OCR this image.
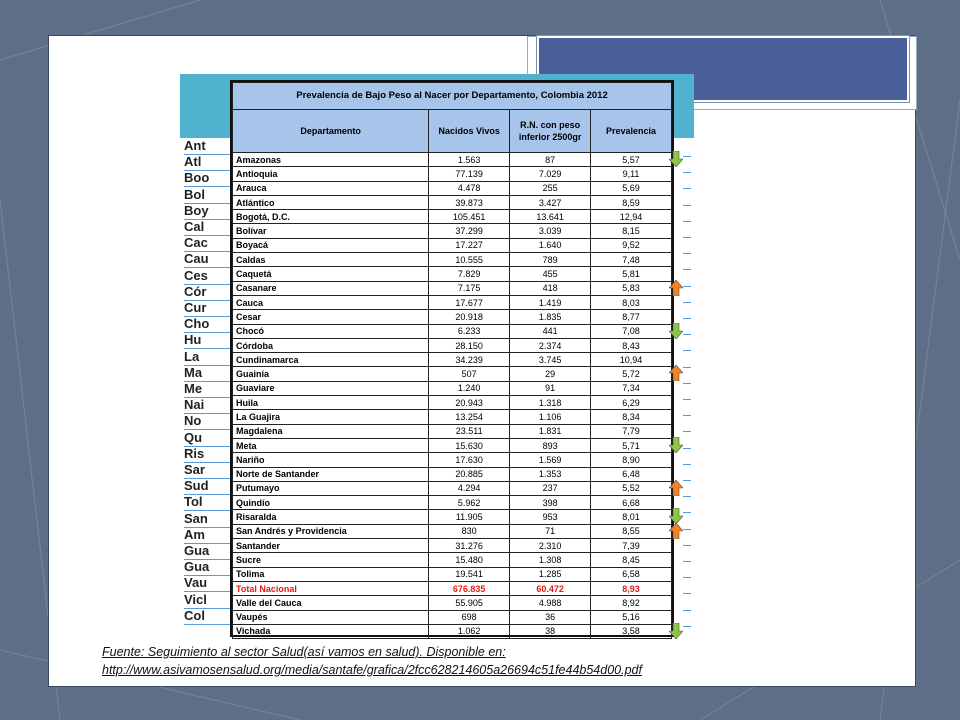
Ant
Atl
Boo
Bol
Boy
Cal
Cac
Cau
Ces
Cór
Cur
Cho
Hu
La
Ma
Me
Nai
No
Qu
Ris
Sar
Sud
Tol
San
Am
Gua
Gua
Vau
Vicl
Col
Prevalencia de Bajo Peso al Nacer por Departamento, Colombia 2012			
Departamento	Nacidos Vivos	R.N. con peso inferior 2500gr	Prevalencia
Amazonas	1.563	87	5,57
Antioquia	77.139	7.029	9,11
Arauca	4.478	255	5,69
Atlántico	39.873	3.427	8,59
Bogotá, D.C.	105.451	13.641	12,94
Bolívar	37.299	3.039	8,15
Boyacá	17.227	1.640	9,52
Caldas	10.555	789	7,48
Caquetá	7.829	455	5,81
Casanare	7.175	418	5,83
Cauca	17.677	1.419	8,03
Cesar	20.918	1.835	8,77
Chocó	6.233	441	7,08
Córdoba	28.150	2.374	8,43
Cundinamarca	34.239	3.745	10,94
Guainía	507	29	5,72
Guaviare	1.240	91	7,34
Huila	20.943	1.318	6,29
La Guajira	13.254	1.106	8,34
Magdalena	23.511	1.831	7,79
Meta	15.630	893	5,71
Nariño	17.630	1.569	8,90
Norte de Santander	20.885	1.353	6,48
Putumayo	4.294	237	5,52
Quindío	5.962	398	6,68
Risaralda	11.905	953	8,01
San Andrés y Providencia	830	71	8,55
Santander	31.276	2.310	7,39
Sucre	15.480	1.308	8,45
Tolima	19.541	1.285	6,58
Total Nacional	676.835	60.472	8,93
Valle del Cauca	55.905	4.988	8,92
Vaupés	698	36	5,16
Vichada	1.062	38	3,58
Fuente: Seguimiento al sector Salud(así vamos en salud). Disponible en:
http://www.asivamosensalud.org/media/santafe/grafica/2fcc628214605a26694c51fe44b54d00.pdf
